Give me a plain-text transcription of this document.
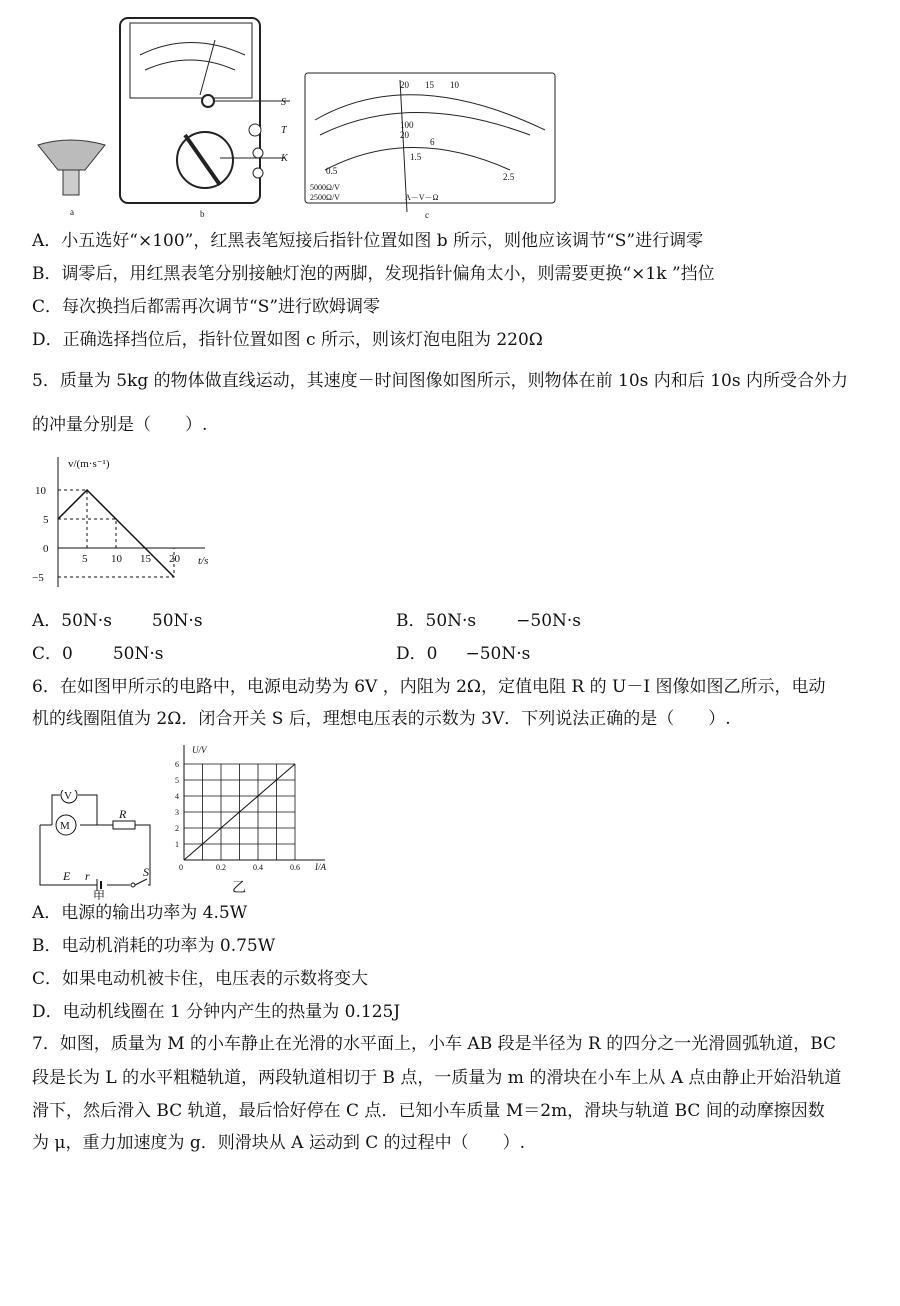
a
S
T
K
b
20 15 10
100
20
6
1.5
0.5
2.5
5000Ω/V
2500Ω/V	A－V－Ω
c
A．小五选好“×100”，红黑表笔短接后指针位置如图 b 所示，则他应该调节“S”进行调零
B．调零后，用红黑表笔分别接触灯泡的两脚，发现指针偏角太小，则需要更换“×1k ”挡位
C．每次换挡后都需再次调节“S”进行欧姆调零
D．正确选择挡位后，指针位置如图 c 所示，则该灯泡电阻为 220Ω
5．质量为 5kg 的物体做直线运动，其速度－时间图像如图所示，则物体在前 10s 内和后 10s 内所受合外力
的冲量分别是（　　）.
v/(m·s⁻¹)
t/s
5 10 15 20
10
5
0
−5
A．50N·s 50N·s	B．50N·s −50N·s
C．0 50N·s	D．0 −50N·s
6．在如图甲所示的电路中，电源电动势为 6V ，内阻为 2Ω，定值电阻 R 的 U－I 图像如图乙所示，电动
机的线圈阻值为 2Ω．闭合开关 S 后，理想电压表的示数为 3V．下列说法正确的是（　　）.
V
M
R
E r	S
甲
U/V
I/A
0	0.2	0.4	0.6
1
2
3
4
5
6
乙
A．电源的输出功率为 4.5W
B．电动机消耗的功率为 0.75W
C．如果电动机被卡住，电压表的示数将变大
D．电动机线圈在 1 分钟内产生的热量为 0.125J
7．如图，质量为 M 的小车静止在光滑的水平面上，小车 AB 段是半径为 R 的四分之一光滑圆弧轨道，BC
段是长为 L 的水平粗糙轨道，两段轨道相切于 B 点，一质量为 m 的滑块在小车上从 A 点由静止开始沿轨道
滑下，然后滑入 BC 轨道，最后恰好停在 C 点．已知小车质量 M＝2m，滑块与轨道 BC 间的动摩擦因数
为 μ，重力加速度为 g．则滑块从 A 运动到 C 的过程中（　　）.
